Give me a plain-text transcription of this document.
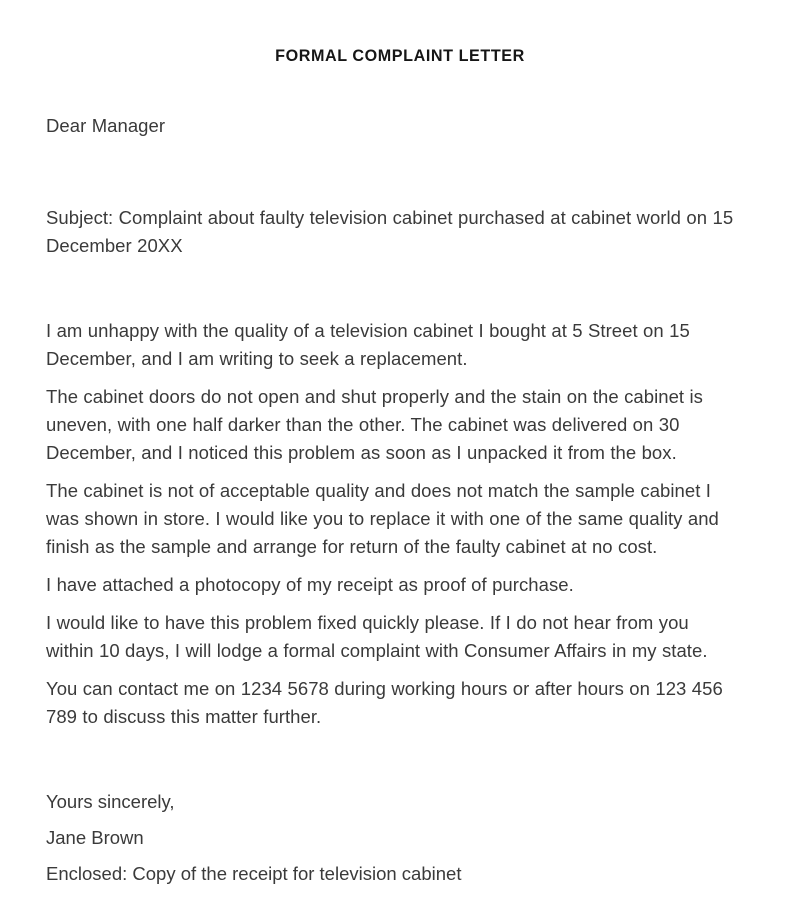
FORMAL COMPLAINT LETTER

Dear Manager

Subject: Complaint about faulty television cabinet purchased at cabinet world on 15 December 20XX

I am unhappy with the quality of a television cabinet I bought at 5 Street on 15 December, and I am writing to seek a replacement.

The cabinet doors do not open and shut properly and the stain on the cabinet is uneven, with one half darker than the other. The cabinet was delivered on 30 December, and I noticed this problem as soon as I unpacked it from the box.

The cabinet is not of acceptable quality and does not match the sample cabinet I was shown in store. I would like you to replace it with one of the same quality and finish as the sample and arrange for return of the faulty cabinet at no cost.

I have attached a photocopy of my receipt as proof of purchase.

I would like to have this problem fixed quickly please. If I do not hear from you within 10 days, I will lodge a formal complaint with Consumer Affairs in my state.

You can contact me on 1234 5678 during working hours or after hours on 123 456 789 to discuss this matter further.

Yours sincerely,

Jane Brown

Enclosed: Copy of the receipt for television cabinet
